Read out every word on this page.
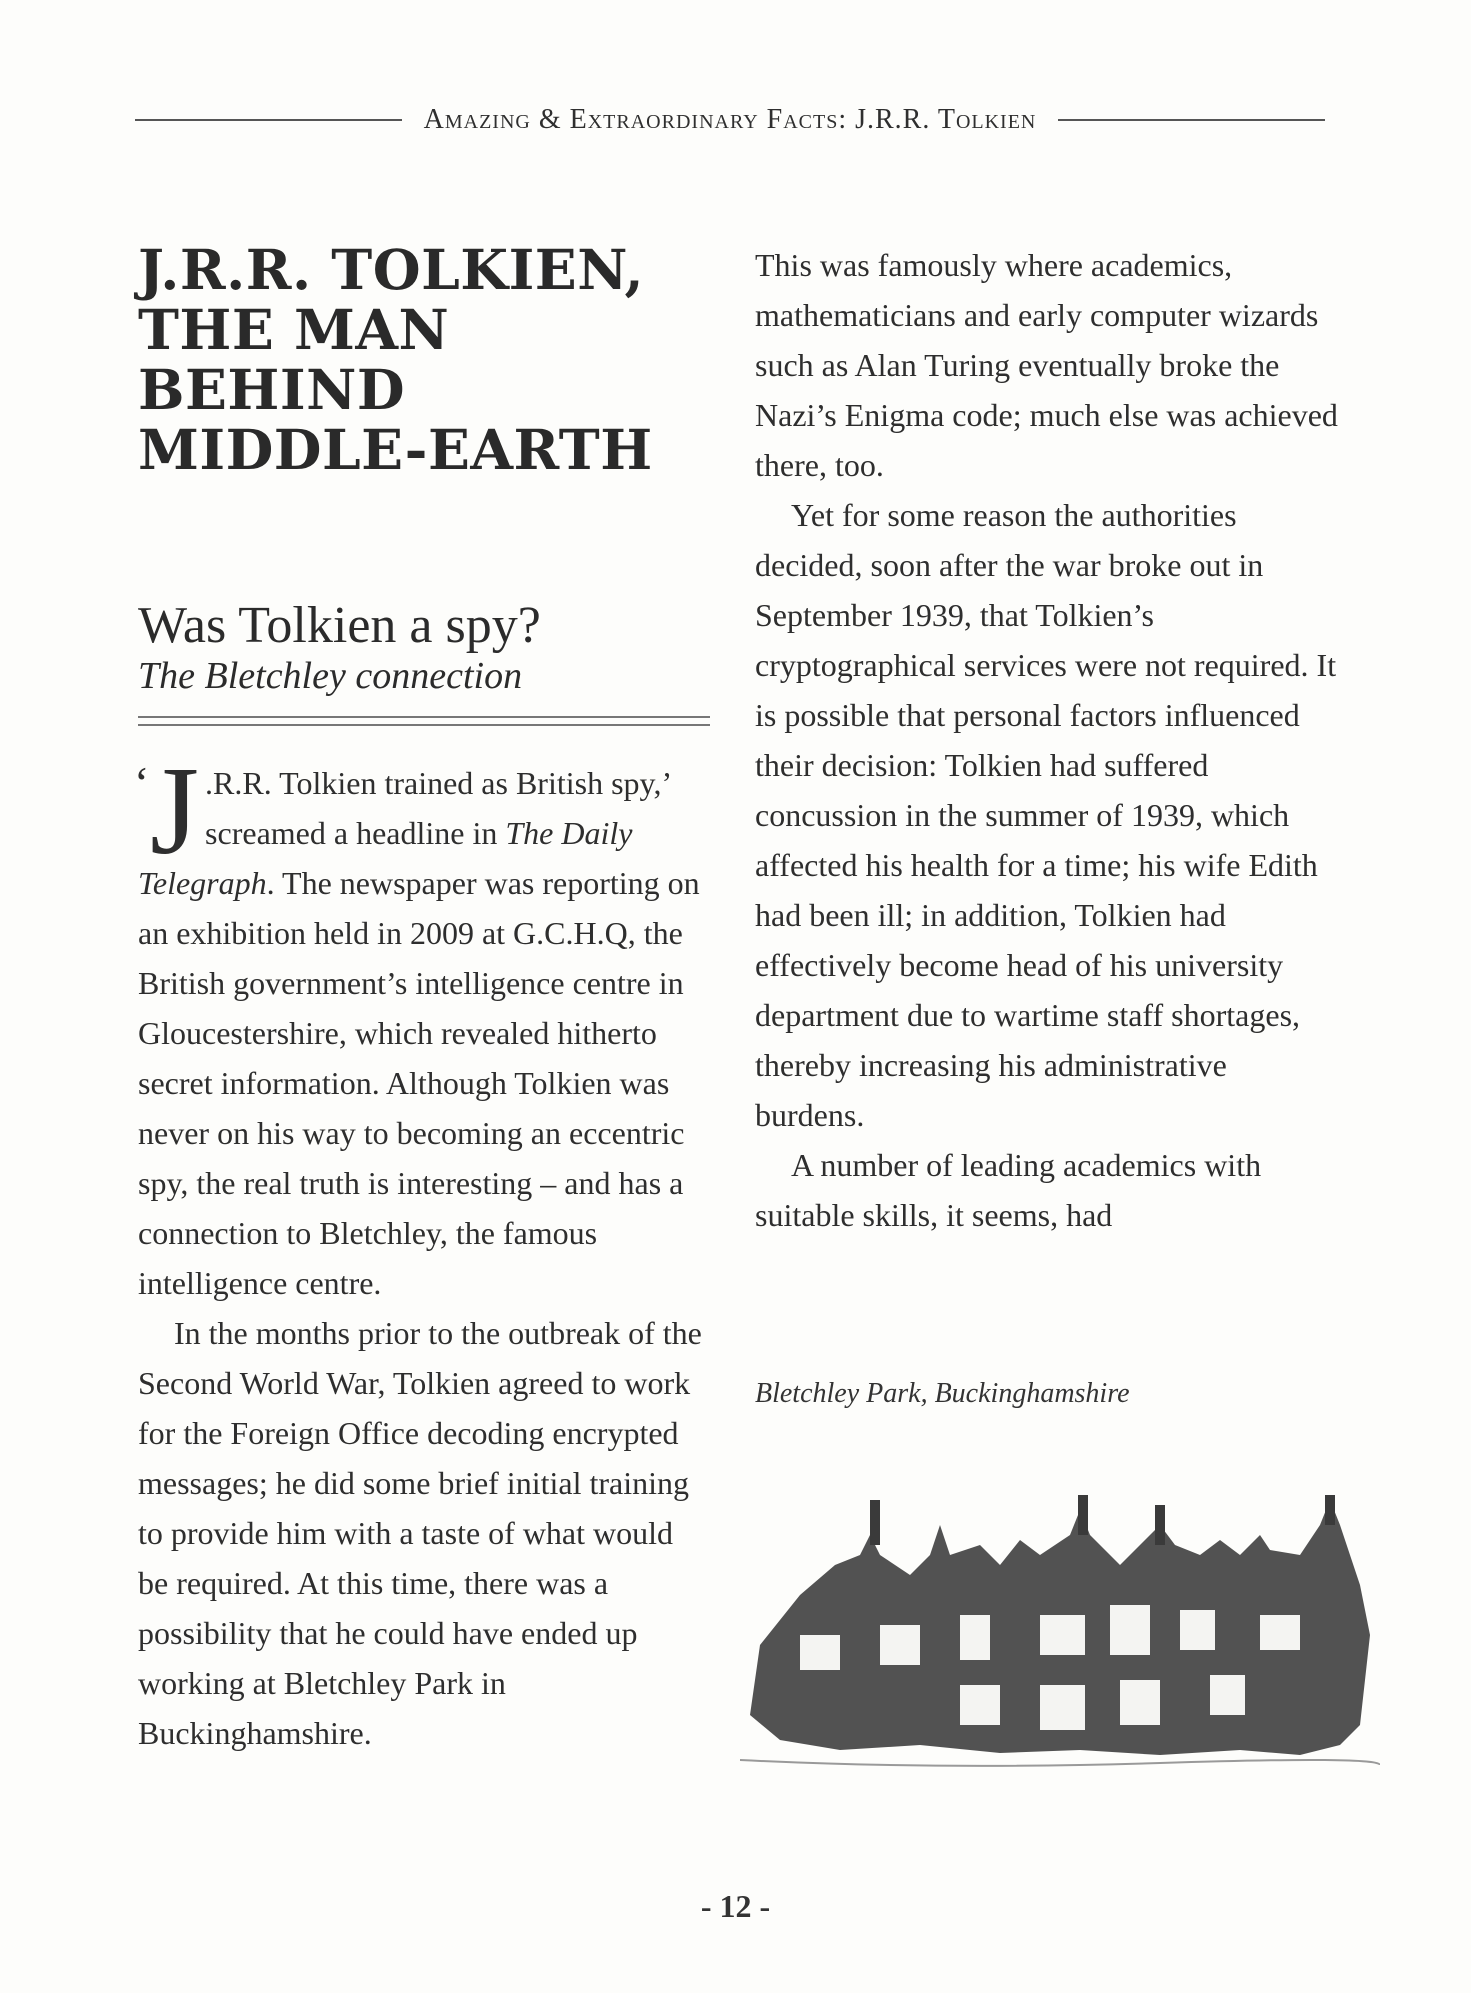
Amazing & Extraordinary Facts: J.R.R. Tolkien
J.R.R. TOLKIEN,
THE MAN BEHIND
MIDDLE-EARTH
Was Tolkien a spy?

The Bletchley connection

‘ J .R.R. Tolkien trained as British spy,’ screamed a headline in The Daily Telegraph. The newspaper was reporting on an exhibition held in 2009 at G.C.H.Q, the British government’s intelligence centre in Gloucestershire, which revealed hitherto secret information. Although Tolkien was never on his way to becoming an eccentric spy, the real truth is interesting – and has a connection to Bletchley, the famous intelligence centre.

In the months prior to the outbreak of the Second World War, Tolkien agreed to work for the Foreign Office decoding encrypted messages; he did some brief initial training to provide him with a taste of what would be required. At this time, there was a possibility that he could have ended up working at Bletchley Park in Buckinghamshire.

This was famously where academics, mathematicians and early computer wizards such as Alan Turing eventually broke the Nazi’s Enigma code; much else was achieved there, too.

Yet for some reason the authorities decided, soon after the war broke out in September 1939, that Tolkien’s cryptographical services were not required. It is possible that personal factors influenced their decision: Tolkien had suffered concussion in the summer of 1939, which affected his health for a time; his wife Edith had been ill; in addition, Tolkien had effectively become head of his university department due to wartime staff shortages, thereby increasing his administrative burdens.

A number of leading academics with suitable skills, it seems, had

Bletchley Park, Buckinghamshire
- 12 -
